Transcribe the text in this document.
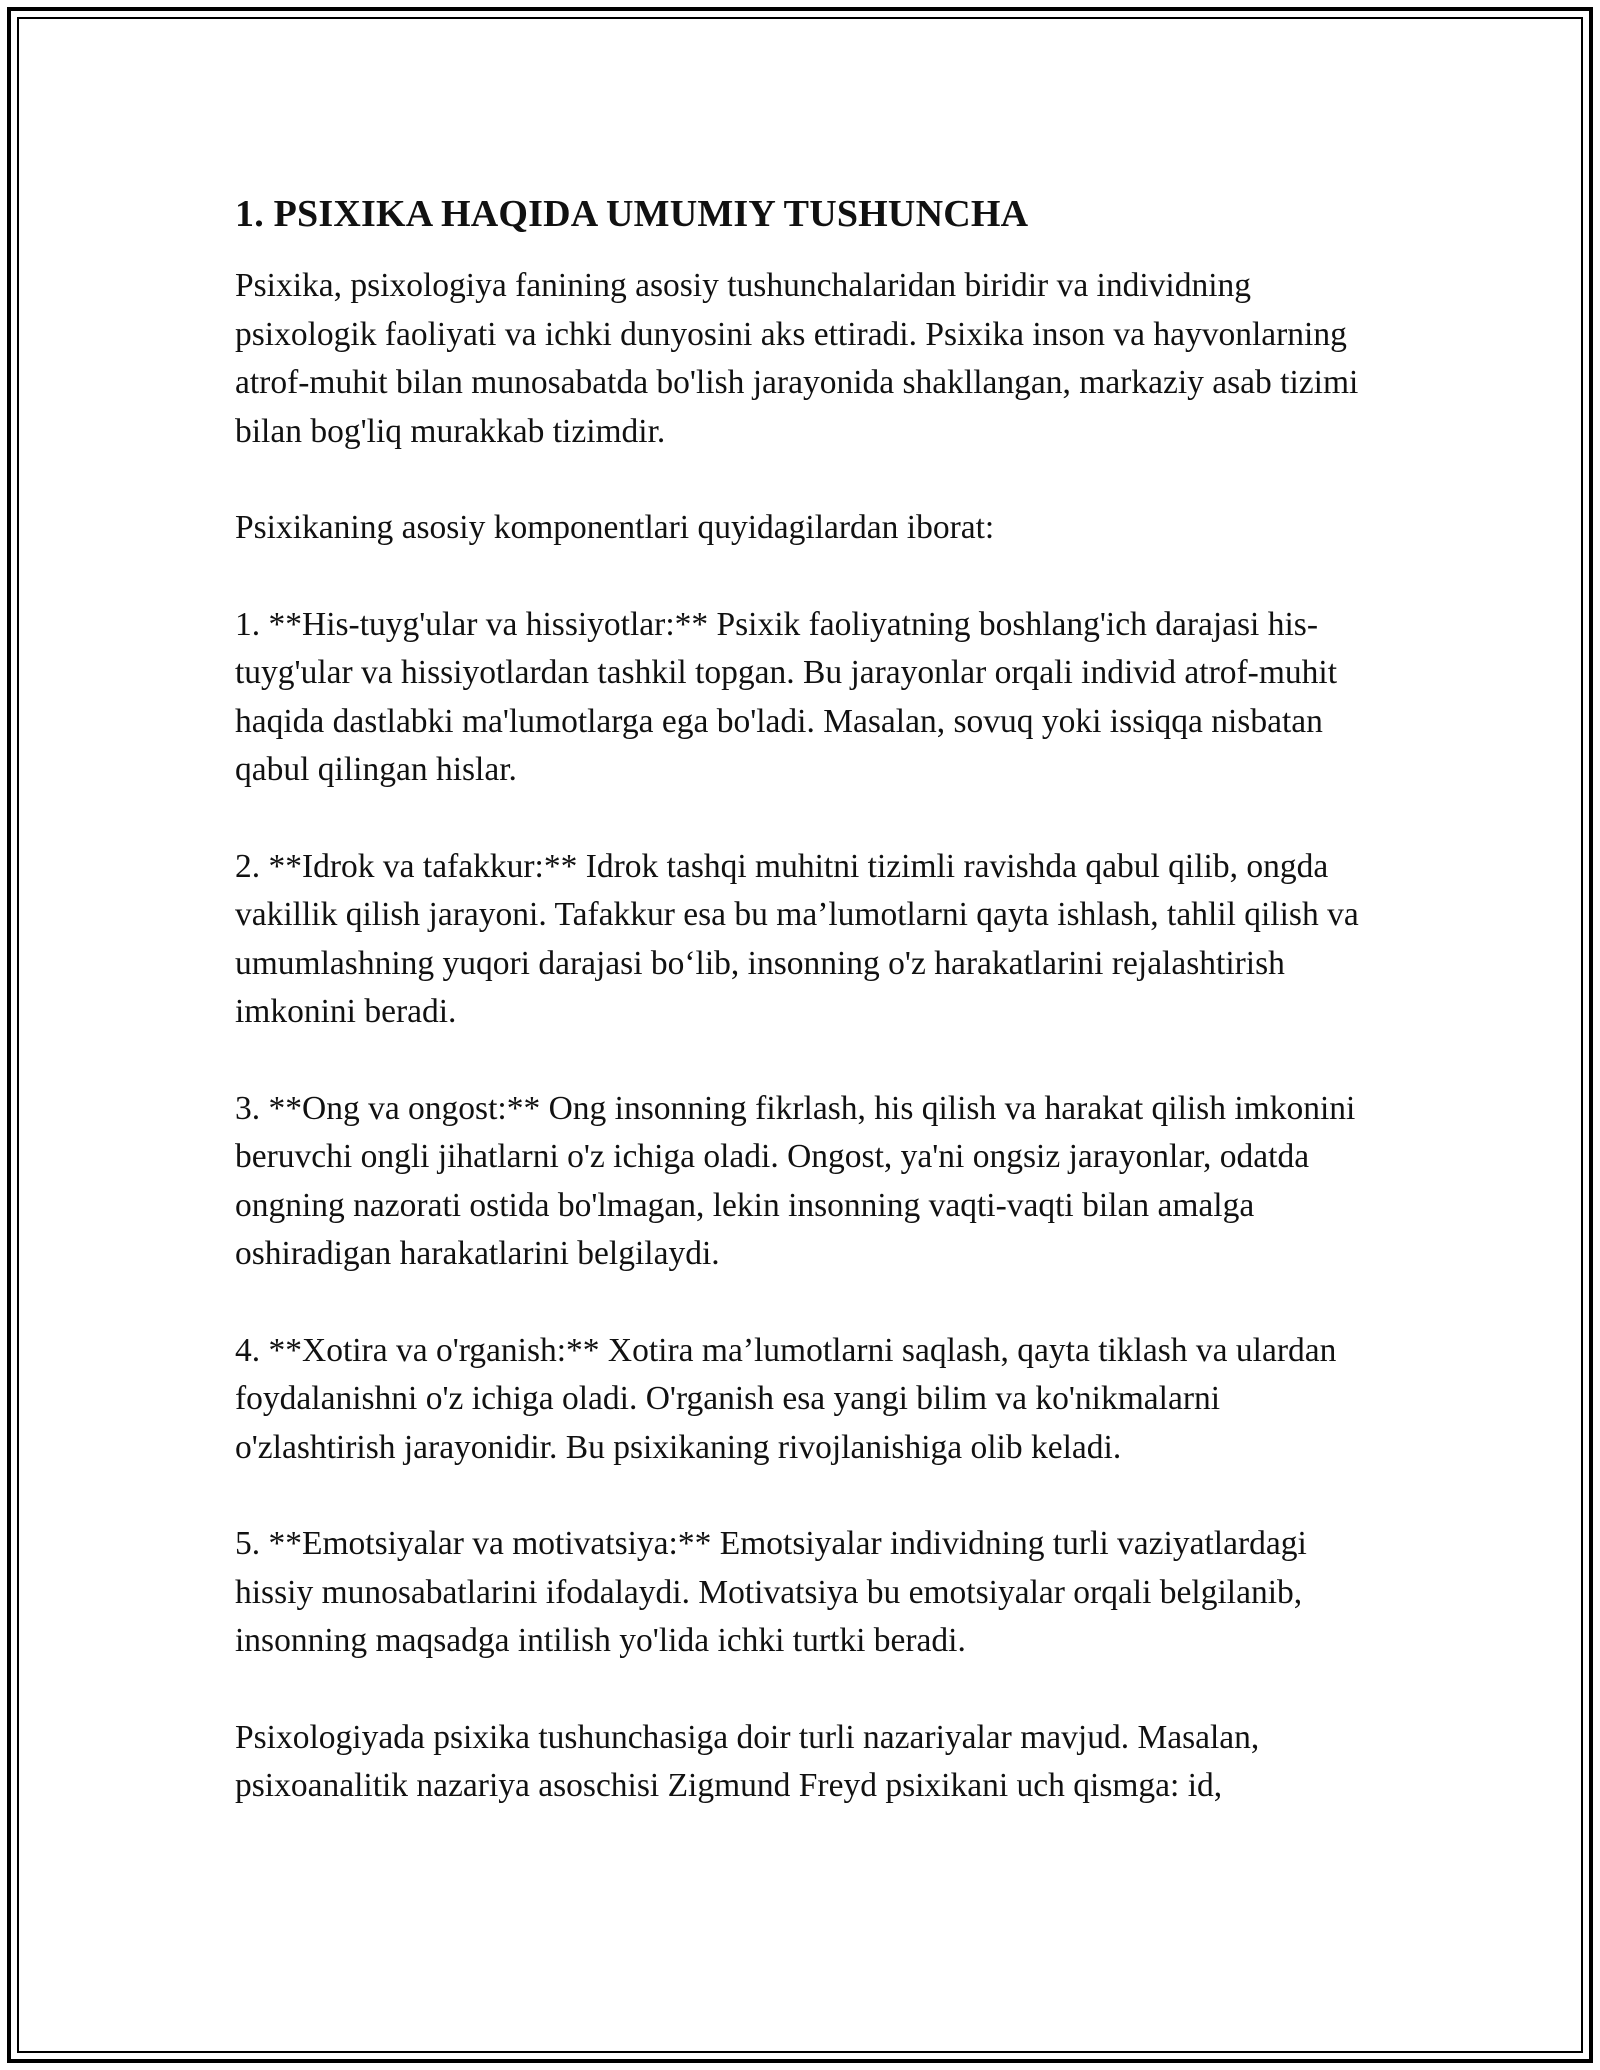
1. PSIXIKA HAQIDA UMUMIY TUSHUNCHA

Psixika, psixologiya fanining asosiy tushunchalaridan biridir va individning psixologik faoliyati va ichki dunyosini aks ettiradi. Psixika inson va hayvonlarning atrof-muhit bilan munosabatda bo'lish jarayonida shakllangan, markaziy asab tizimi bilan bog'liq murakkab tizimdir.

Psixikaning asosiy komponentlari quyidagilardan iborat:

1. **His-tuyg'ular va hissiyotlar:** Psixik faoliyatning boshlang'ich darajasi his-tuyg'ular va hissiyotlardan tashkil topgan. Bu jarayonlar orqali individ atrof-muhit haqida dastlabki ma'lumotlarga ega bo'ladi. Masalan, sovuq yoki issiqqa nisbatan qabul qilingan hislar.

2. **Idrok va tafakkur:** Idrok tashqi muhitni tizimli ravishda qabul qilib, ongda vakillik qilish jarayoni. Tafakkur esa bu ma’lumotlarni qayta ishlash, tahlil qilish va umumlashning yuqori darajasi bo‘lib, insonning o'z harakatlarini rejalashtirish imkonini beradi.

3. **Ong va ongost:** Ong insonning fikrlash, his qilish va harakat qilish imkonini beruvchi ongli jihatlarni o'z ichiga oladi. Ongost, ya'ni ongsiz jarayonlar, odatda ongning nazorati ostida bo'lmagan, lekin insonning vaqti-vaqti bilan amalga oshiradigan harakatlarini belgilaydi.

4. **Xotira va o'rganish:** Xotira ma’lumotlarni saqlash, qayta tiklash va ulardan foydalanishni o'z ichiga oladi. O'rganish esa yangi bilim va ko'nikmalarni o'zlashtirish jarayonidir. Bu psixikaning rivojlanishiga olib keladi.

5. **Emotsiyalar va motivatsiya:** Emotsiyalar individning turli vaziyatlardagi hissiy munosabatlarini ifodalaydi. Motivatsiya bu emotsiyalar orqali belgilanib, insonning maqsadga intilish yo'lida ichki turtki beradi.

Psixologiyada psixika tushunchasiga doir turli nazariyalar mavjud. Masalan, psixoanalitik nazariya asoschisi Zigmund Freyd psixikani uch qismga: id,
